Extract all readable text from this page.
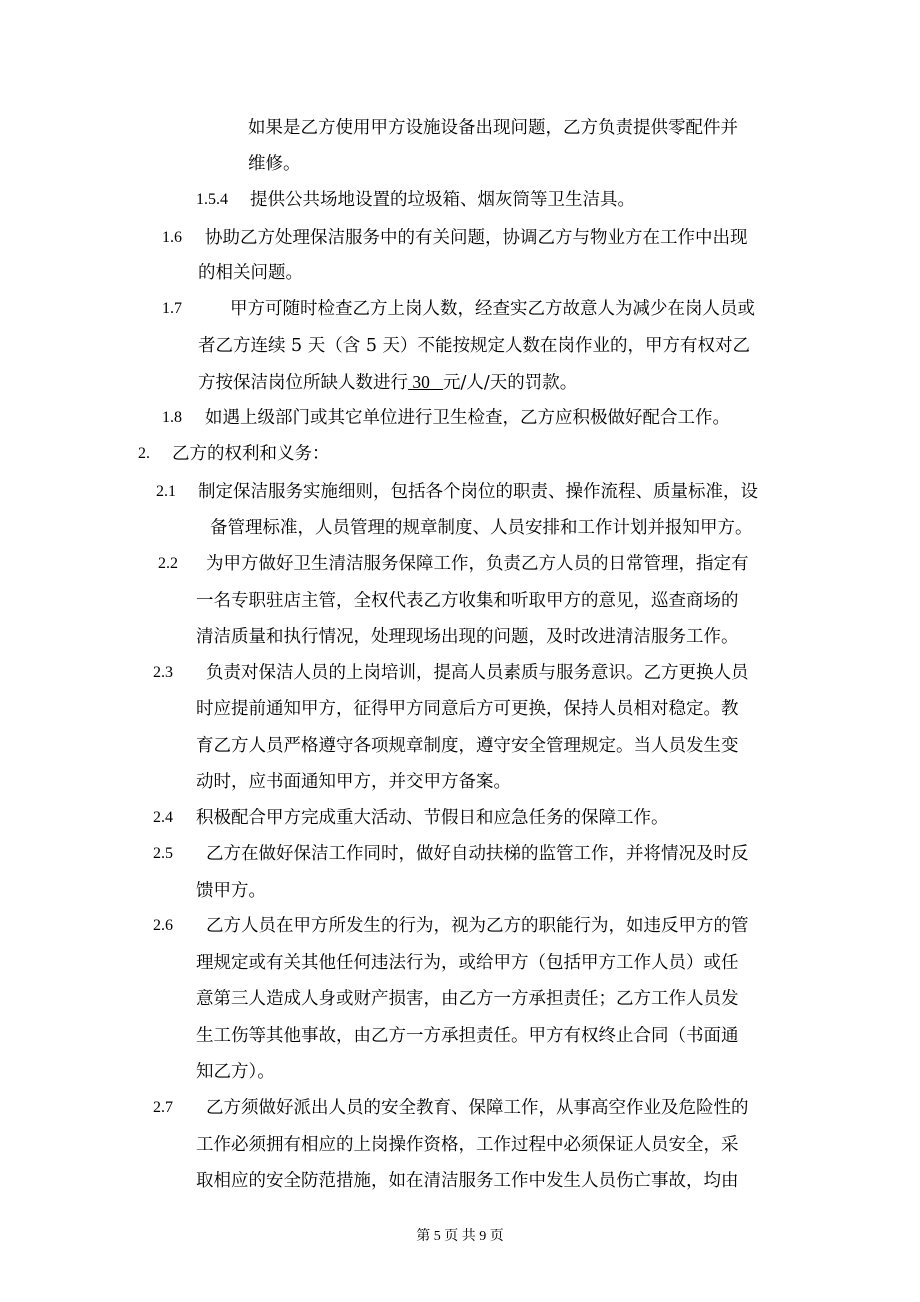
如果是乙方使用甲方设施设备出现问题，乙方负责提供零配件并
维修。
1.5.4 提供公共场地设置的垃圾箱、烟灰筒等卫生洁具。
1.6 协助乙方处理保洁服务中的有关问题，协调乙方与物业方在工作中出现
的相关问题。
1.7	甲方可随时检查乙方上岗人数，经查实乙方故意人为减少在岗人员或
者乙方连续 5 天（含 5 天）不能按规定人数在岗作业的，甲方有权对乙
方按保洁岗位所缺人数进行 30   元/人/天的罚款。
1.8 如遇上级部门或其它单位进行卫生检查，乙方应积极做好配合工作。
2. 乙方的权利和义务：
2.1 制定保洁服务实施细则，包括各个岗位的职责、操作流程、质量标准，设
备管理标准，人员管理的规章制度、人员安排和工作计划并报知甲方。
2.2 为甲方做好卫生清洁服务保障工作，负责乙方人员的日常管理，指定有
一名专职驻店主管，全权代表乙方收集和听取甲方的意见，巡查商场的
清洁质量和执行情况，处理现场出现的问题，及时改进清洁服务工作。
2.3 负责对保洁人员的上岗培训，提高人员素质与服务意识。乙方更换人员
时应提前通知甲方，征得甲方同意后方可更换，保持人员相对稳定。教
育乙方人员严格遵守各项规章制度，遵守安全管理规定。当人员发生变
动时，应书面通知甲方，并交甲方备案。
2.4 积极配合甲方完成重大活动、节假日和应急任务的保障工作。
2.5 乙方在做好保洁工作同时，做好自动扶梯的监管工作，并将情况及时反
馈甲方。
2.6 乙方人员在甲方所发生的行为，视为乙方的职能行为，如违反甲方的管
理规定或有关其他任何违法行为，或给甲方（包括甲方工作人员）或任
意第三人造成人身或财产损害，由乙方一方承担责任；乙方工作人员发
生工伤等其他事故，由乙方一方承担责任。甲方有权终止合同（书面通
知乙方）。
2.7 乙方须做好派出人员的安全教育、保障工作，从事高空作业及危险性的
工作必须拥有相应的上岗操作资格，工作过程中必须保证人员安全，采
取相应的安全防范措施，如在清洁服务工作中发生人员伤亡事故，均由
第 5 页 共 9 页
